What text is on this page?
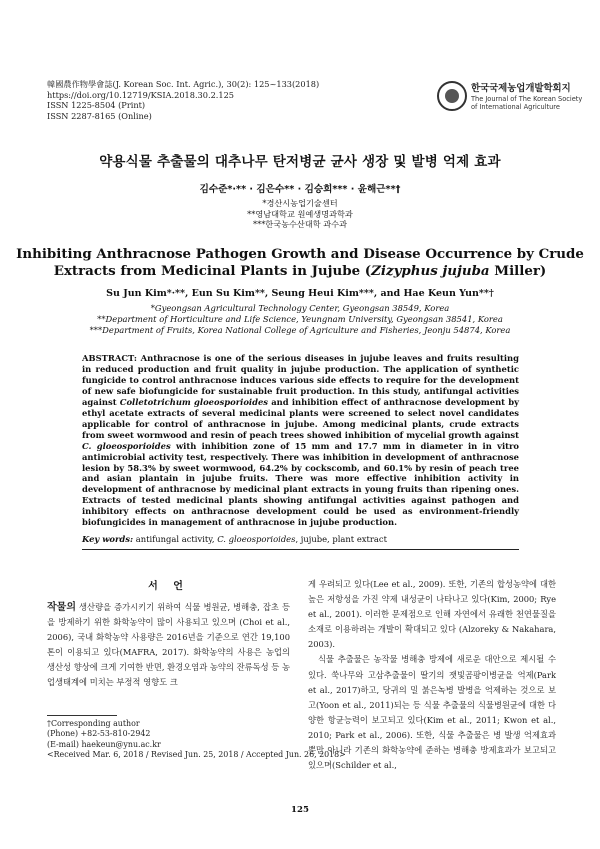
韓國農作物學會誌(J. Korean Soc. Int. Agric.), 30(2): 125~133(2018)
https://doi.org/10.12719/KSIA.2018.30.2.125
ISSN 1225-8504 (Print)
ISSN 2287-8165 (Online)
한국국제농업개발학회지
The Journal of The Korean Society
of International Agriculture
약용식물 추출물의 대추나무 탄저병균 균사 생장 및 발병 억제 효과
김수준*·** · 김은수** · 김승희*** · 윤해근**†
*경산시농업기술센터
**영남대학교 원예생명과학과
***한국농수산대학 과수과
Inhibiting Anthracnose Pathogen Growth and Disease Occurrence by Crude
Extracts from Medicinal Plants in Jujube (Zizyphus jujuba Miller)
Su Jun Kim*·**, Eun Su Kim**, Seung Heui Kim***, and Hae Keun Yun**†
*Gyeongsan Agricultural Technology Center, Gyeongsan 38549, Korea
**Department of Horticulture and Life Science, Yeungnam University, Gyeongsan 38541, Korea
***Department of Fruits, Korea National College of Agriculture and Fisheries, Jeonju 54874, Korea
ABSTRACT: Anthracnose is one of the serious diseases in jujube leaves and fruits resulting in reduced production and fruit quality in jujube production. The application of synthetic fungicide to control anthracnose induces various side effects to require for the development of new safe biofungicide for sustainable fruit production. In this study, antifungal activities against Colletotrichum gloeosporioides and inhibition effect of anthracnose development by ethyl acetate extracts of several medicinal plants were screened to select novel candidates applicable for control of anthracnose in jujube. Among medicinal plants, crude extracts from sweet wormwood and resin of peach trees showed inhibition of mycelial growth against C. gloeosporioides with inhibition zone of 15 mm and 17.7 mm in diameter in in vitro antimicrobial activity test, respectively. There was inhibition in development of anthracnose lesion by 58.3% by sweet wormwood, 64.2% by cockscomb, and 60.1% by resin of peach tree and asian plantain in jujube fruits. There was more effective inhibition activity in development of anthracnose by medicinal plant extracts in young fruits than ripening ones. Extracts of tested medicinal plants showing antifungal activities against pathogen and inhibitory effects on anthracnose development could be used as environment-friendly biofungicides in management of anthracnose in jujube production.
Key words: antifungal activity, C. gloeosporioides, jujube, plant extract
서 언
작물의 생산량을 증가시키기 위하여 식물 병원균, 병해충, 잡초 등을 방제하기 위한 화학농약이 많이 사용되고 있으며 (Choi et al., 2006), 국내 화학농약 사용량은 2016년을 기준으로 연간 19,100톤이 이용되고 있다(MAFRA, 2017). 화학농약의 사용은 농업의 생산성 향상에 크게 기여한 반면, 환경오염과 농약의 잔류독성 등 농업생태계에 미치는 부정적 영향도 크
게 우려되고 있다(Lee et al., 2009). 또한, 기존의 합성농약에 대한 높은 저항성을 가진 약제 내성균이 나타나고 있다(Kim, 2000; Rye et al., 2001). 이러한 문제점으로 인해 자연에서 유래한 천연물질을 소재로 이용하려는 개발이 확대되고 있다 (Alzoreky & Nakahara, 2003).
식물 추출물은 농작물 병해충 방제에 새로운 대안으로 제시될 수 있다. 쑥나무와 고삼추출물이 딸기의 잿빛곰팡이병균을 억제(Park et al., 2017)하고, 당귀의 밀 붉은녹병 발병을 억제하는 것으로 보고(Yoon et al., 2011)되는 등 식물 추출물의 식물병원균에 대한 다양한 항균능력이 보고되고 있다(Kim et al., 2011; Kwon et al., 2010; Park et al., 2006). 또한, 식물 추출물은 병 발생 억제효과 뿐만 아니라 기존의 화학농약에 준하는 병해충 방제효과가 보고되고 있으며(Schilder et al.,
†Corresponding author
(Phone) +82-53-810-2942
(E-mail) haekeun@ynu.ac.kr
<Received Mar. 6, 2018 / Revised Jun. 25, 2018 / Accepted Jun. 26, 2018>
125
